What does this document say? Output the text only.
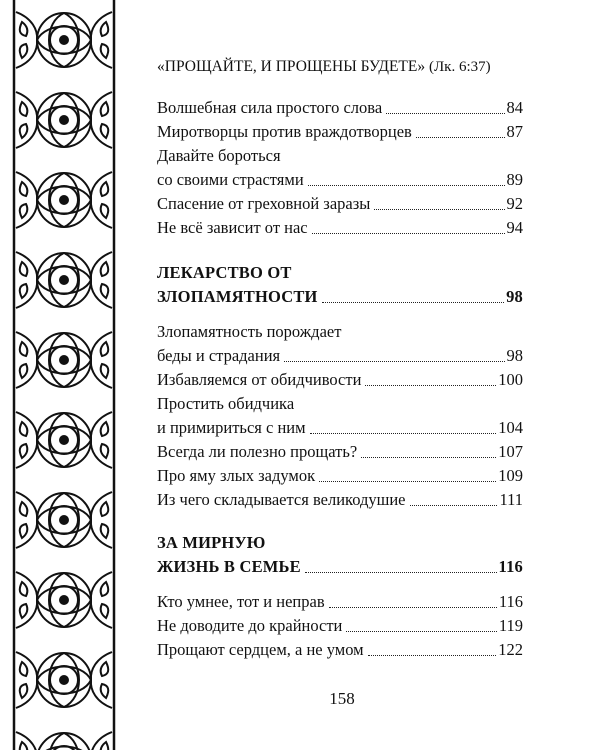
«ПРОЩАЙТЕ, И ПРОЩЕНЫ БУДЕТЕ» (Лк. 6:37)
Волшебная сила простого слова	84
Миротворцы против враждотворцев	87
Давайте бороться
со своими страстями	89
Спасение от греховной заразы	92
Не всё зависит от нас	94
ЛЕКАРСТВО ОТ
ЗЛОПАМЯТНОСТИ	98
Злопамятность порождает
беды и страдания	98
Избавляемся от обидчивости	100
Простить обидчика
и примириться с ним	104
Всегда ли полезно прощать?	107
Про яму злых задумок	109
Из чего складывается великодушие	111
ЗА МИРНУЮ
ЖИЗНЬ В СЕМЬЕ	116
Кто умнее, тот и неправ	116
Не доводите до крайности	119
Прощают сердцем, а не умом	122
158
